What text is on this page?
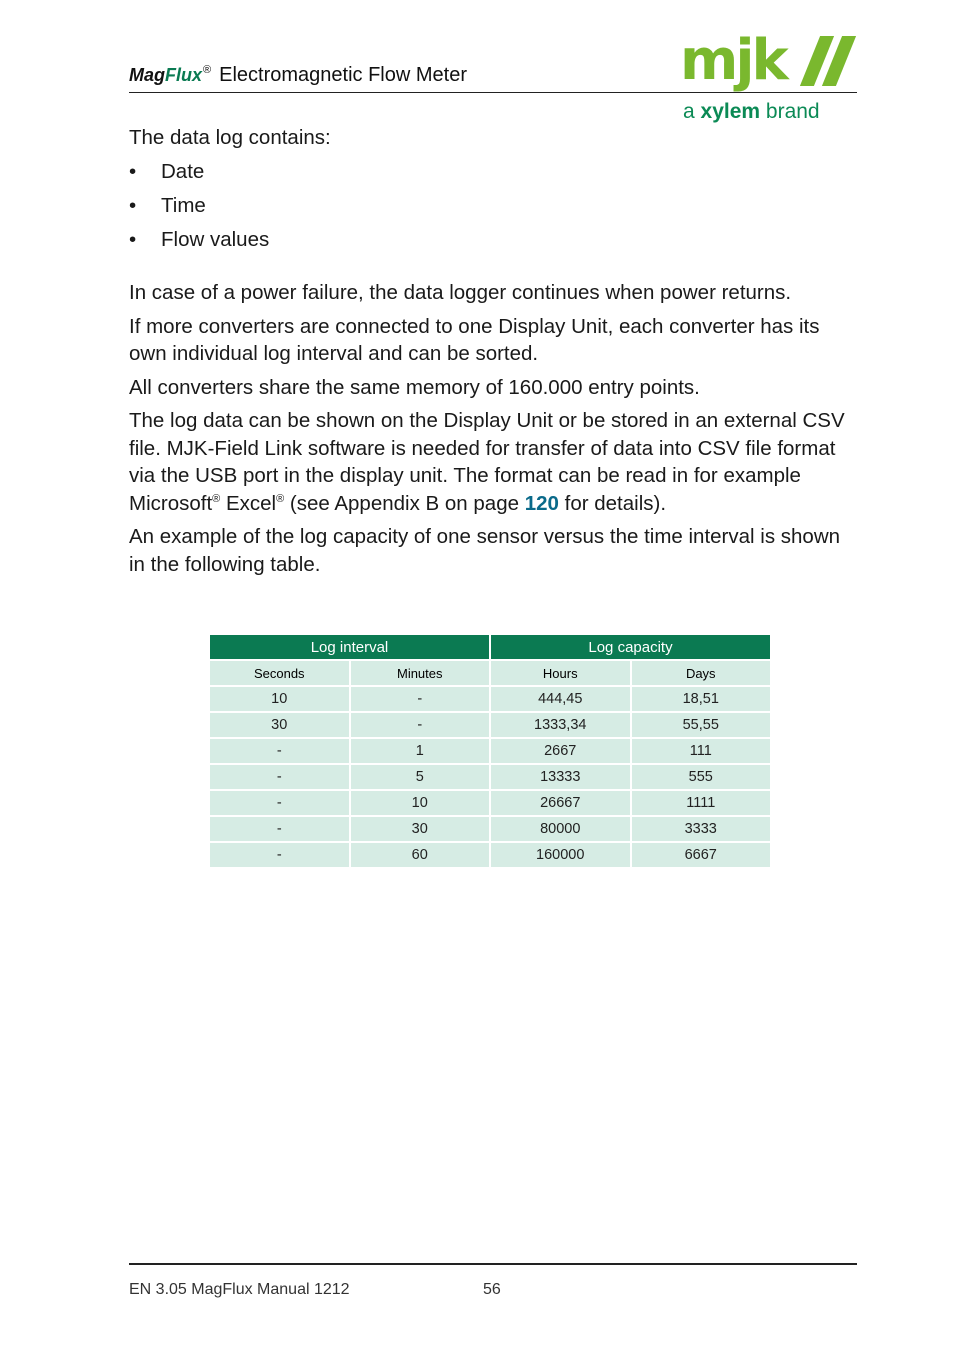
MagFlux® Electromagnetic Flow Meter	mjk
a xylem brand

The data log contains:

• Date
• Time
• Flow values

In case of a power failure, the data logger continues when power returns.

If more converters are connected to one Display Unit, each converter has its own individual log interval and can be sorted.

All converters share the same memory of 160.000 entry points.

The log data can be shown on the Display Unit or be stored in an external CSV file. MJK-Field Link software is needed for transfer of data into CSV file format via the USB port in the display unit. The format can be read in for example Microsoft® Excel® (see Appendix B on page 120 for details).

An example of the log capacity of one sensor versus the time interval is shown in the following table.

Log interval		Log capacity	
Seconds	Minutes	Hours	Days
10	-	444,45	18,51
30	-	1333,34	55,55
-	1	2667	111
-	5	13333	555
-	10	26667	1111
-	30	80000	3333
-	60	160000	6667
EN 3.05 MagFlux Manual 1212	56
